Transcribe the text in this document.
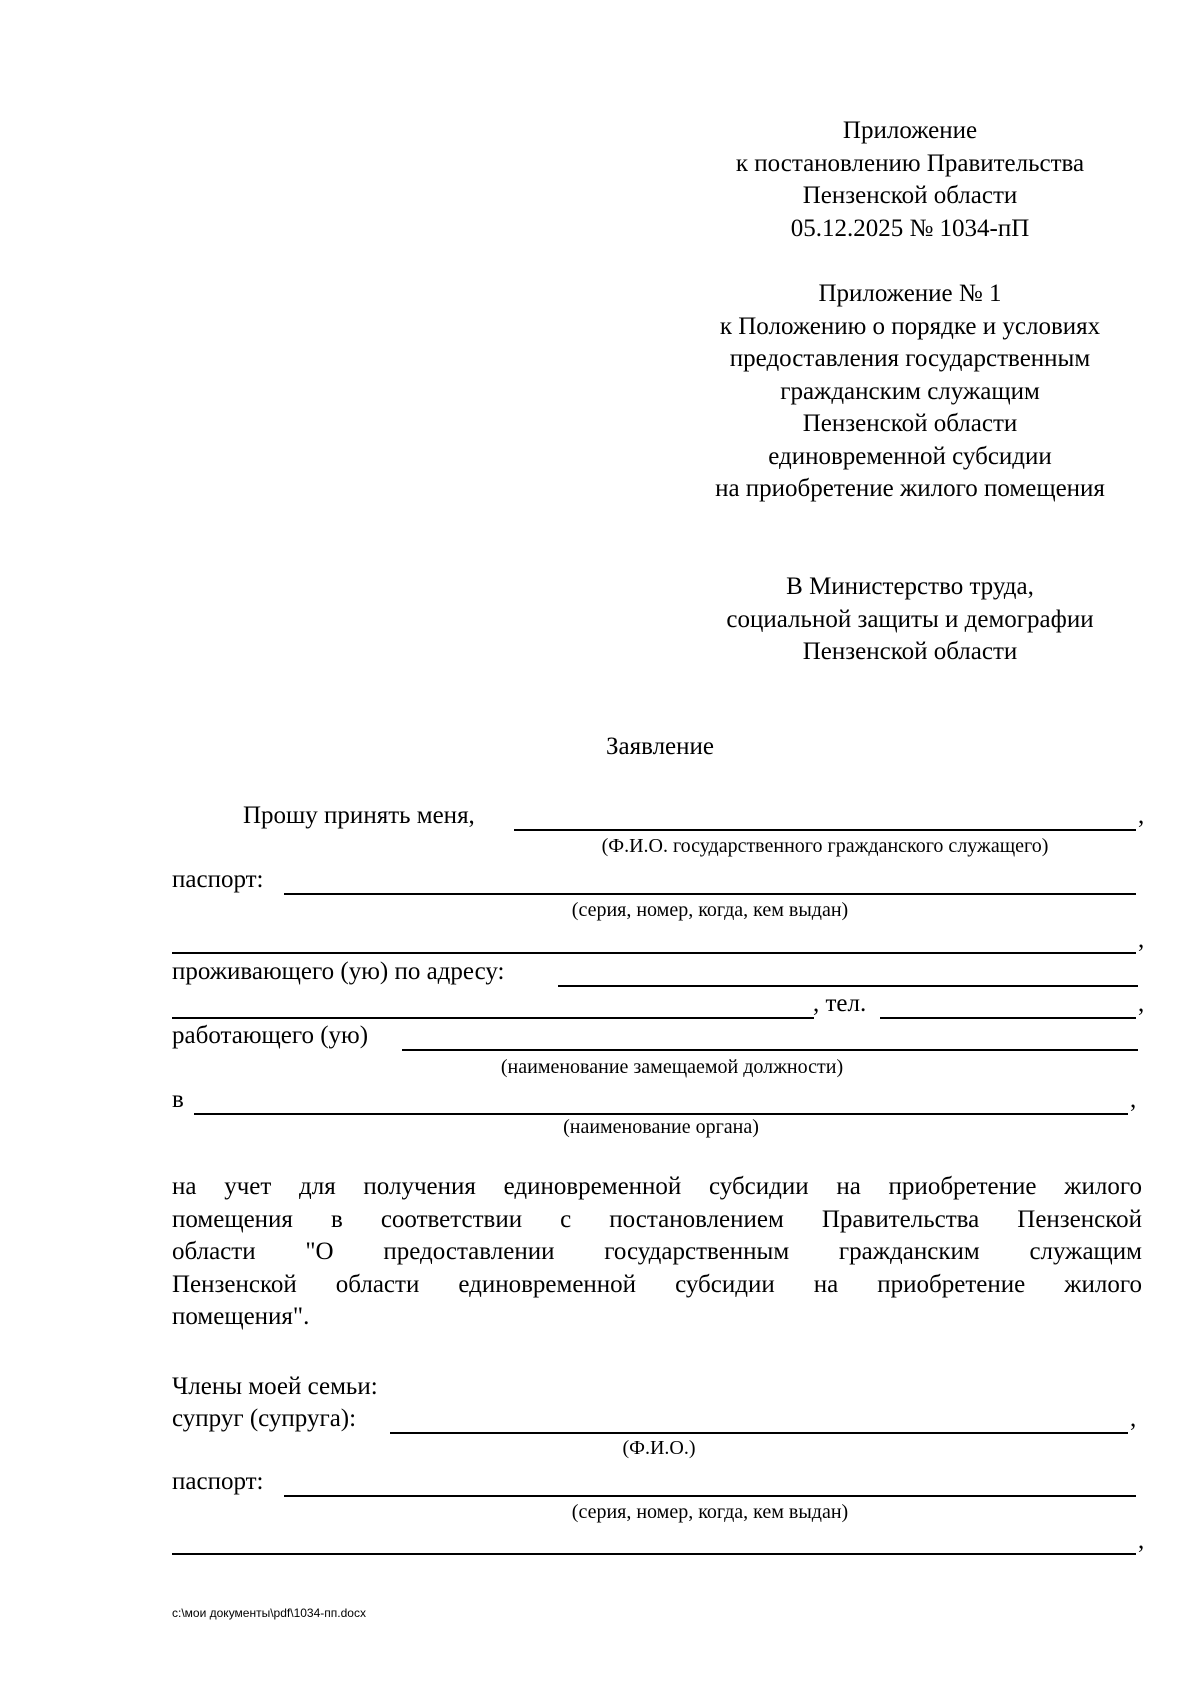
Приложение
к постановлению Правительства
Пензенской области
05.12.2025 № 1034-пП
Приложение № 1
к Положению о порядке и условиях
предоставления государственным
гражданским служащим
Пензенской области
единовременной субсидии
на приобретение жилого помещения
В Министерство труда,
социальной защиты и демографии
Пензенской области
Заявление
Прошу принять меня,	,
(Ф.И.О. государственного гражданского служащего)
паспорт:
(серия, номер, когда, кем выдан)
,
проживающего (ую) по адресу:
, тел.	,
работающего (ую)
(наименование замещаемой должности)
в	,
(наименование органа)
на учет для получения единовременной субсидии на приобретение жилого
помещения в соответствии с постановлением Правительства Пензенской
области "О предоставлении государственным гражданским служащим
Пензенской области единовременной субсидии на приобретение жилого
помещения".
Члены моей семьи:
супруг (супруга):	,
(Ф.И.О.)
паспорт:
(серия, номер, когда, кем выдан)
,
c:\мои документы\pdf\1034-пп.docx
